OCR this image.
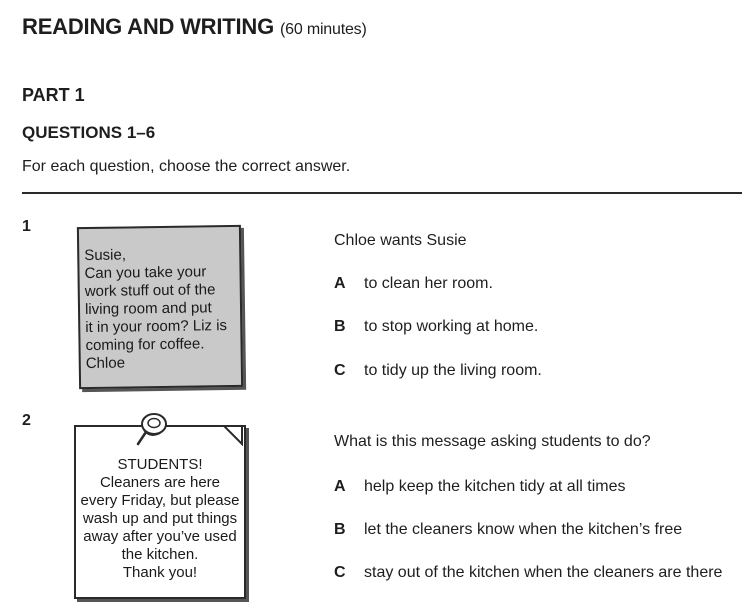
READING AND WRITING (60 minutes)
PART 1
QUESTIONS 1–6
For each question, choose the correct answer.
1
Susie,
Can you take your
work stuff out of the
living room and put
it in your room? Liz is
coming for coffee.
Chloe
Chloe wants Susie
A to clean her room.
B to stop working at home.
C to tidy up the living room.
2
STUDENTS!
Cleaners are here
every Friday, but please
wash up and put things
away after you’ve used
the kitchen.
Thank you!
What is this message asking students to do?
A help keep the kitchen tidy at all times
B let the cleaners know when the kitchen’s free
C stay out of the kitchen when the cleaners are there
